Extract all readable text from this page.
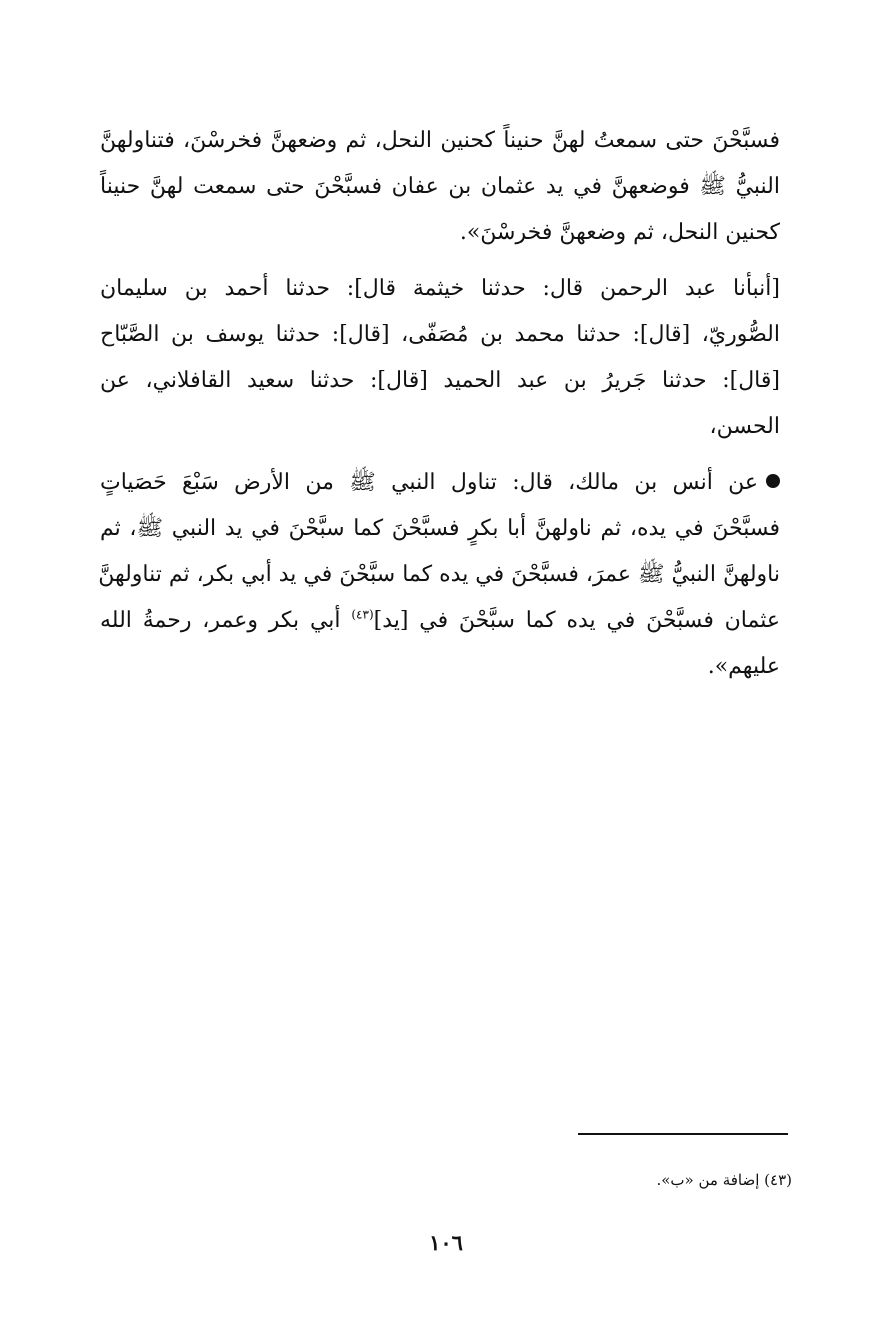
فسبَّحْنَ حتى سمعتُ لهنَّ حنيناً كحنين النحل، ثم وضعهنَّ فخرسْنَ، فتناولهنَّ
النبيُّ ﷺ فوضعهنَّ في يد عثمان بن عفان فسبَّحْنَ حتى سمعت لهنَّ حنيناً
كحنين النحل، ثم وضعهنَّ فخرسْنَ».
[أنبأنا عبد الرحمن قال: حدثنا خيثمة قال]: حدثنا أحمد بن سليمان
الصُّوريّ، [قال]: حدثنا محمد بن مُصَفّى، [قال]: حدثنا يوسف بن الصَّبّاح
[قال]: حدثنا جَريرُ بن عبد الحميد [قال]: حدثنا سعيد القافلاني، عن
الحسن،
عن أنس بن مالك، قال: تناول النبي ﷺ من الأرض سَبْعَ حَصَياتٍ
فسبَّحْنَ في يده، ثم ناولهنَّ أبا بكرٍ فسبَّحْنَ كما سبَّحْنَ في يد النبي ﷺ، ثم
ناولهنَّ النبيُّ ﷺ عمرَ، فسبَّحْنَ في يده كما سبَّحْنَ في يد أبي بكر، ثم تناولهنَّ
عثمان فسبَّحْنَ في يده كما سبَّحْنَ في [يد]$^{(٤٣)}$ أبي بكر وعمر، رحمةُ الله
عليهم».
(٤٣) إضافة من «ب».
١٠٦
